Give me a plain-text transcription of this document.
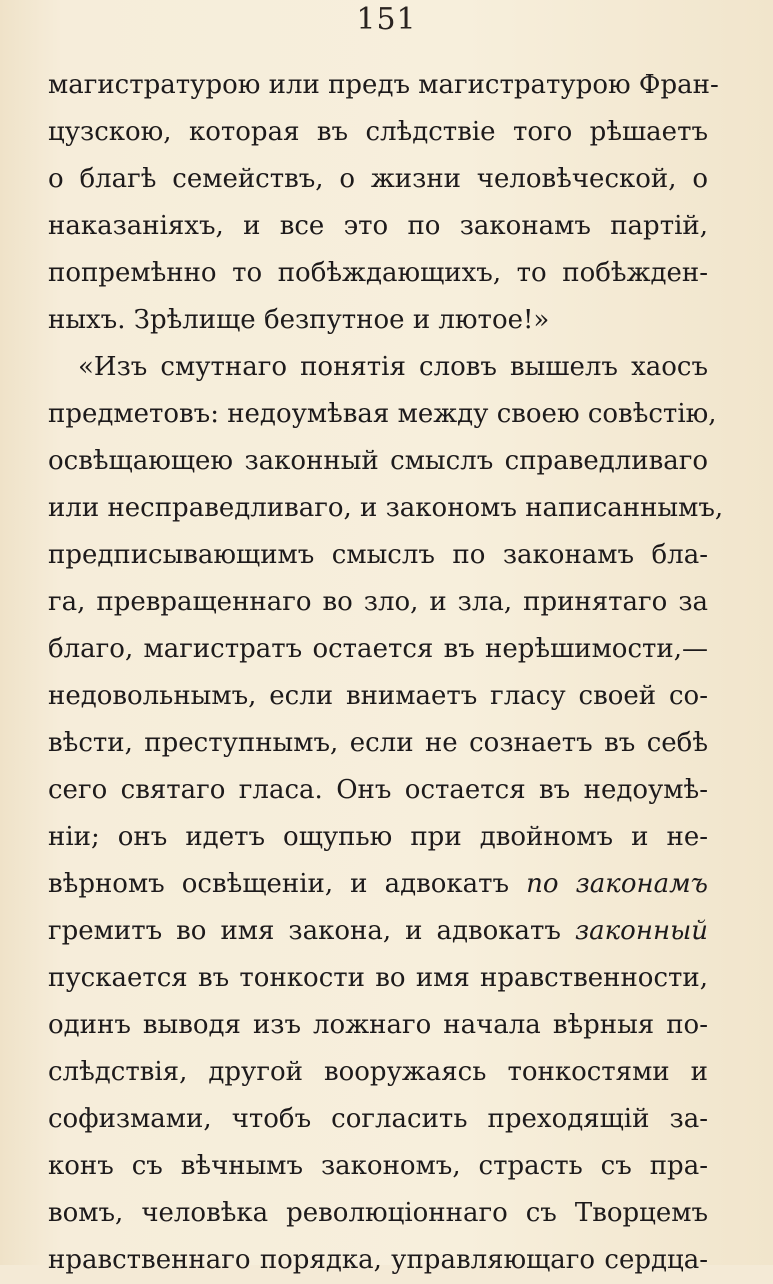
151
магистратурою или предъ магистратурою Фран-
цузскою, которая въ слѣдствіе того рѣшаетъ
о благѣ семействъ, о жизни человѣческой, о
наказаніяхъ, и все это по законамъ партій,
попремѣнно то побѣждающихъ, то побѣжден-
ныхъ. Зрѣлище безпутное и лютое!»
«Изъ смутнаго понятія словъ вышелъ хаосъ
предметовъ: недоумѣвая между своею совѣстію,
освѣщающею законный смыслъ справедливаго
или несправедливаго, и закономъ написаннымъ,
предписывающимъ смыслъ по законамъ бла-
га, превращеннаго во зло, и зла, принятаго за
благо, магистратъ остается въ нерѣшимости,—
недовольнымъ, если внимаетъ гласу своей со-
вѣсти, преступнымъ, если не сознаетъ въ себѣ
сего святаго гласа. Онъ остается въ недоумѣ-
ніи; онъ идетъ ощупью при двойномъ и не-
вѣрномъ освѣщеніи, и адвокатъ по законамъ
гремитъ во имя закона, и адвокатъ законный
пускается въ тонкости во имя нравственности,
одинъ выводя изъ ложнаго начала вѣрныя по-
слѣдствія, другой вооружаясь тонкостями и
софизмами, чтобъ согласить преходящій за-
конъ съ вѣчнымъ закономъ, страсть съ пра-
вомъ, человѣка революціоннаго съ Творцемъ
нравственнаго порядка, управляющаго сердца-
